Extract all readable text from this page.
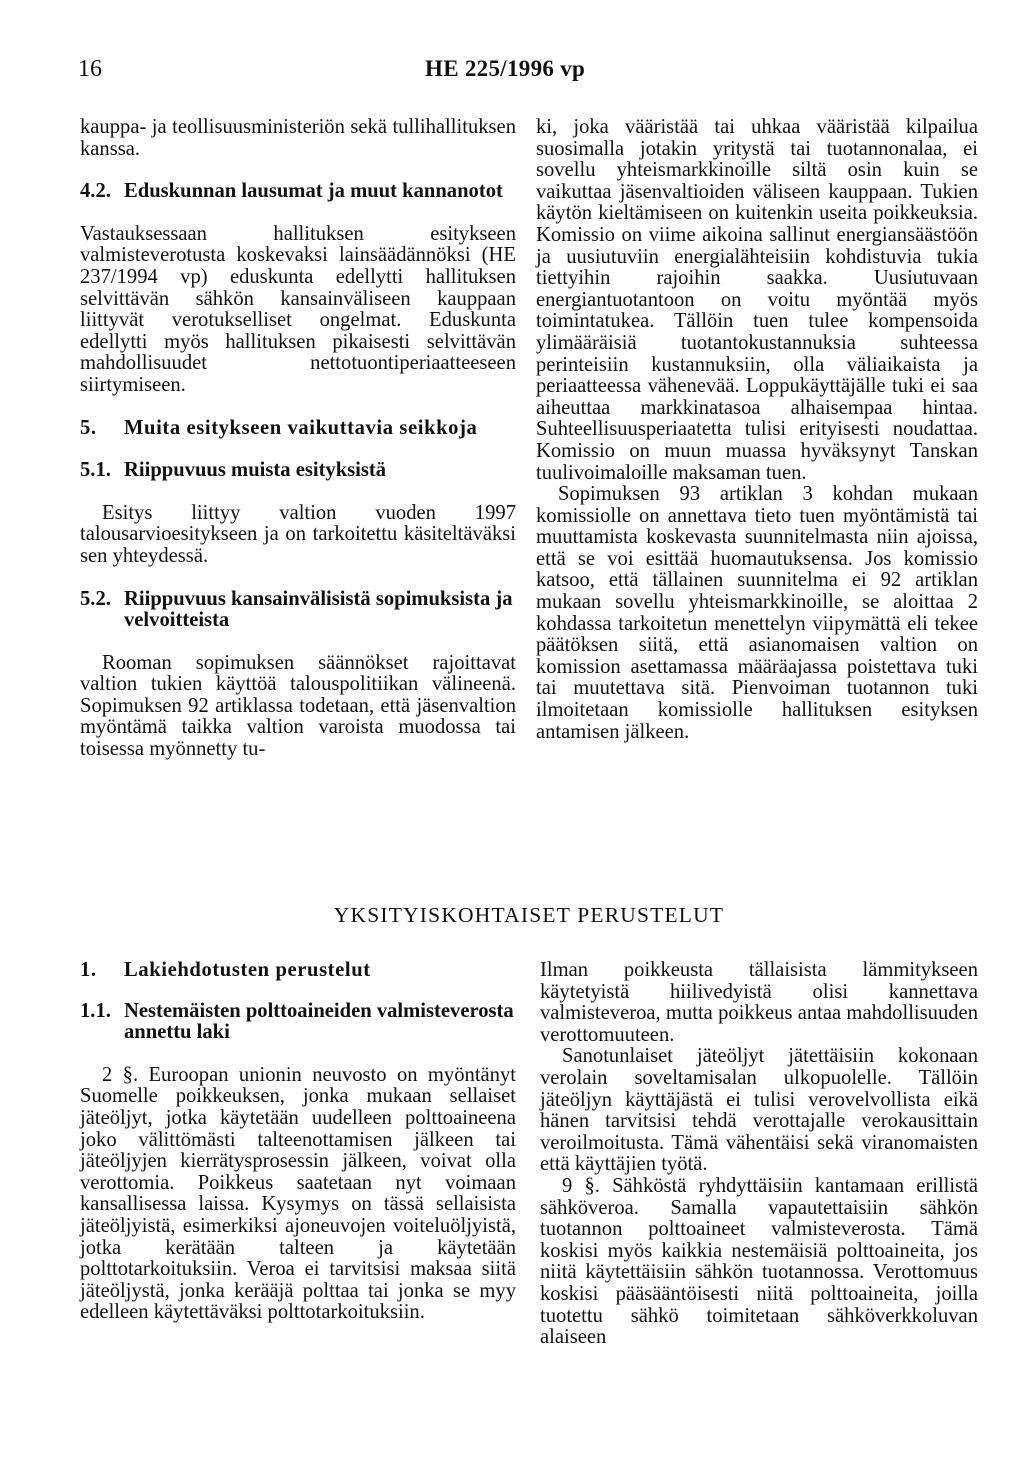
16	HE 225/1996 vp

kauppa- ja teollisuusministeriön sekä tullihallituksen kanssa.

4.2. Eduskunnan lausumat ja muut kannanotot

Vastauksessaan hallituksen esitykseen valmisteverotusta koskevaksi lainsäädännöksi (HE 237/1994 vp) eduskunta edellytti hallituksen selvittävän sähkön kansainväliseen kauppaan liittyvät verotukselliset ongelmat. Eduskunta edellytti myös hallituksen pikaisesti selvittävän mahdollisuudet nettotuontiperiaatteeseen siirtymiseen.

5.	Muita esitykseen vaikuttavia seikkoja
5.1. Riippuvuus muista esityksistä

Esitys liittyy valtion vuoden 1997 talousarvioesitykseen ja on tarkoitettu käsiteltäväksi sen yhteydessä.

5.2. Riippuvuus kansainvälisistä sopimuksista ja velvoitteista

Rooman sopimuksen säännökset rajoittavat valtion tukien käyttöä talouspolitiikan välineenä. Sopimuksen 92 artiklassa todetaan, että jäsenvaltion myöntämä taikka valtion varoista muodossa tai toisessa myönnetty tu-

ki, joka vääristää tai uhkaa vääristää kilpailua suosimalla jotakin yritystä tai tuotannonalaa, ei sovellu yhteismarkkinoille siltä osin kuin se vaikuttaa jäsenvaltioiden väliseen kauppaan. Tukien käytön kieltämiseen on kuitenkin useita poikkeuksia. Komissio on viime aikoina sallinut energiansäästöön ja uusiutuviin energialähteisiin kohdistuvia tukia tiettyihin rajoihin saakka. Uusiutuvaan energiantuotantoon on voitu myöntää myös toimintatukea. Tällöin tuen tulee kompensoida ylimääräisiä tuotantokustannuksia suhteessa perinteisiin kustannuksiin, olla väliaikaista ja periaatteessa vähenevää. Loppukäyttäjälle tuki ei saa aiheuttaa markkinatasoa alhaisempaa hintaa. Suhteellisuusperiaatetta tulisi erityisesti noudattaa. Komissio on muun muassa hyväksynyt Tanskan tuulivoimaloille maksaman tuen.

Sopimuksen 93 artiklan 3 kohdan mukaan komissiolle on annettava tieto tuen myöntämistä tai muuttamista koskevasta suunnitelmasta niin ajoissa, että se voi esittää huomautuksensa. Jos komissio katsoo, että tällainen suunnitelma ei 92 artiklan mukaan sovellu yhteismarkkinoille, se aloittaa 2 kohdassa tarkoitetun menettelyn viipymättä eli tekee päätöksen siitä, että asianomaisen valtion on komission asettamassa määräajassa poistettava tuki tai muutettava sitä. Pienvoiman tuotannon tuki ilmoitetaan komissiolle hallituksen esityksen antamisen jälkeen.

YKSITYISKOHTAISET PERUSTELUT
1.	Lakiehdotusten perustelut
1.1. Nestemäisten polttoaineiden valmisteverosta annettu laki

2 §. Euroopan unionin neuvosto on myöntänyt Suomelle poikkeuksen, jonka mukaan sellaiset jäteöljyt, jotka käytetään uudelleen polttoaineena joko välittömästi talteenottamisen jälkeen tai jäteöljyjen kierrätysprosessin jälkeen, voivat olla verottomia. Poikkeus saatetaan nyt voimaan kansallisessa laissa. Kysymys on tässä sellaisista jäteöljyistä, esimerkiksi ajoneuvojen voiteluöljyistä, jotka kerätään talteen ja käytetään polttotarkoituksiin. Veroa ei tarvitsisi maksaa siitä jäteöljystä, jonka kerääjä polttaa tai jonka se myy edelleen käytettäväksi polttotarkoituksiin.

Ilman poikkeusta tällaisista lämmitykseen käytetyistä hiilivedyistä olisi kannettava valmisteveroa, mutta poikkeus antaa mahdollisuuden verottomuuteen.

Sanotunlaiset jäteöljyt jätettäisiin kokonaan verolain soveltamisalan ulkopuolelle. Tällöin jäteöljyn käyttäjästä ei tulisi verovelvollista eikä hänen tarvitsisi tehdä verottajalle verokausittain veroilmoitusta. Tämä vähentäisi sekä viranomaisten että käyttäjien työtä.

9 §. Sähköstä ryhdyttäisiin kantamaan erillistä sähköveroa. Samalla vapautettaisiin sähkön tuotannon polttoaineet valmisteverosta. Tämä koskisi myös kaikkia nestemäisiä polttoaineita, jos niitä käytettäisiin sähkön tuotannossa. Verottomuus koskisi pääsääntöisesti niitä polttoaineita, joilla tuotettu sähkö toimitetaan sähköverkkoluvan alaiseen
